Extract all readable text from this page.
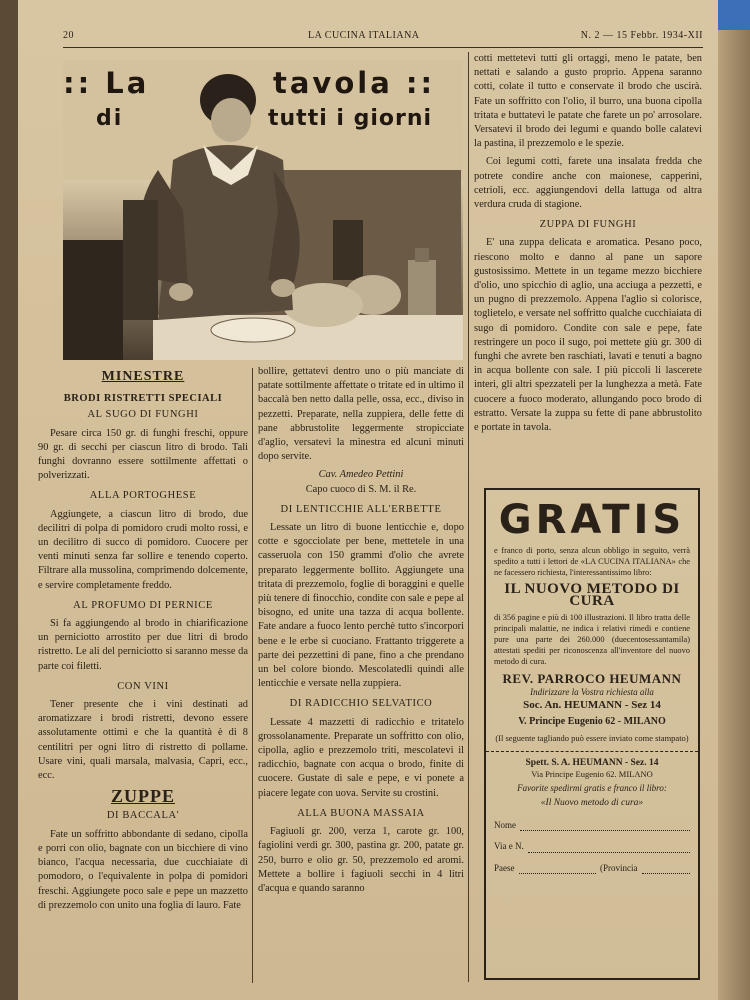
20	LA CUCINA ITALIANA	N. 2 — 15 Febbr. 1934-XII
:: La	tavola ::
di	tutti i giorni
MINESTRE
BRODI RISTRETTI SPECIALI
AL SUGO DI FUNGHI

Pesare circa 150 gr. di funghi freschi, oppure 90 gr. di secchi per ciascun litro di brodo. Tali funghi dovranno essere sottilmente affettati o polverizzati.

ALLA PORTOGHESE

Aggiungete, a ciascun litro di brodo, due decilitri di polpa di pomidoro crudi molto rossi, e un decilitro di succo di pomidoro. Cuocere per venti minuti senza far sollire e tenendo coperto. Filtrare alla mussolina, comprimendo dolcemente, e servire completamente freddo.

AL PROFUMO DI PERNICE

Si fa aggiungendo al brodo in chiarificazione un perniciotto arrostito per due litri di brodo ristretto. Le ali del perniciotto si saranno messe da parte coi filetti.

CON VINI

Tener presente che i vini destinati ad aromatizzare i brodi ristretti, devono essere assolutamente ottimi e che la quantità è di 8 centilitri per ogni litro di ristretto di pollame. Usare vini, quali marsala, malvasia, Capri, ecc., ecc.

ZUPPE
DI BACCALA'

Fate un soffritto abbondante di sedano, cipolla e porri con olio, bagnate con un bicchiere di vino bianco, l'acqua necessaria, due cucchiaiate di pomodoro, o l'equivalente in polpa di pomidori freschi. Aggiungete poco sale e pepe un mazzetto di prezzemolo con unito una foglia di lauro. Fate

bollire, gettatevi dentro uno o più manciate di patate sottilmente affettate o tritate ed in ultimo il baccalà ben netto dalla pelle, ossa, ecc., diviso in pezzetti. Preparate, nella zuppiera, delle fette di pane abbrustolite leggermente stropicciate d'aglio, versatevi la minestra ed alcuni minuti dopo servite.

Cav. Amedeo Pettini
Capo cuoco di S. M. il Re.
DI LENTICCHIE ALL'ERBETTE

Lessate un litro di buone lenticchie e, dopo cotte e sgocciolate per bene, mettetele in una casseruola con 150 grammi d'olio che avrete preparato leggermente bollito. Aggiungete una tritata di prezzemolo, foglie di boraggini e quelle più tenere di finocchio, condite con sale e pepe al bisogno, ed unite una tazza di acqua bollente. Fate andare a fuoco lento perchè tutto s'incorpori bene e le erbe si cuociano. Frattanto triggerete a parte dei pezzettini di pane, fino a che prendano un bel colore biondo. Mescolatedli quindi alle lenticchie e versate nella zuppiera.

DI RADICCHIO SELVATICO

Lessate 4 mazzetti di radicchio e tritatelo grossolanamente. Preparate un soffritto con olio, cipolla, aglio e prezzemolo triti, mescolatevi il radicchio, bagnate con acqua o brodo, finite di cuocere. Gustate di sale e pepe, e vi ponete a piacere legate con uova. Servite su crostini.

ALLA BUONA MASSAIA

Fagiuoli gr. 200, verza 1, carote gr. 100, fagiolini verdi gr. 300, pastina gr. 200, patate gr. 250, burro e olio gr. 50, prezzemolo ed aromi. Mettete a bollire i fagiuoli secchi in 4 litri d'acqua e quando saranno

cotti mettetevi tutti gli ortaggi, meno le patate, ben nettati e salando a gusto proprio. Appena saranno cotti, colate il tutto e conservate il brodo che uscirà. Fate un soffritto con l'olio, il burro, una buona cipolla tritata e buttatevi le patate che farete un po' arrosolare. Versatevi il brodo dei legumi e quando bolle calatevi la pastina, il prezzemolo e le spezie.

Coi legumi cotti, farete una insalata fredda che potrete condire anche con maionese, capperini, cetrioli, ecc. aggiungendovi della lattuga od altra verdura cruda di stagione.

ZUPPA DI FUNGHI

E' una zuppa delicata e aromatica. Pesano poco, riescono molto e danno al pane un sapore gustosissimo. Mettete in un tegame mezzo bicchiere d'olio, uno spicchio di aglio, una acciuga a pezzetti, e un pugno di prezzemolo. Appena l'aglio si colorisce, toglietelo, e versate nel soffritto qualche cucchiaiata di sugo di pomidoro. Condite con sale e pepe, fate restringere un poco il sugo, poi mettete giù gr. 300 di funghi che avrete ben raschiati, lavati e tenuti a bagno in acqua bollente con sale. I più piccoli li lascerete interi, gli altri spezzateli per la lunghezza a metà. Fate cuocere a fuoco moderato, allungando poco brodo di estratto. Versate la zuppa su fette di pane abbrustolito e portate in tavola.

GRATIS
e franco di porto, senza alcun obbligo in seguito, verrà spedito a tutti i lettori de «LA CUCINA ITALIANA» che ne facessero richiesta, l'interessantissimo libro:
IL NUOVO METODO DI CURA
di 356 pagine e più di 100 illustrazioni. Il libro tratta delle principali malattie, ne indica i relativi rimedi e contiene pure una parte dei 260.000 (duecentosessantamila) attestati spediti per riconoscenza all'inventore del nuovo metodo di cura.
REV. PARROCO HEUMANN
Indirizzare la Vostra richiesta alla
Soc. An. HEUMANN - Sez 14
V. Principe Eugenio 62 - MILANO
(Il seguente tagliando può essere inviato come stampato)
Spett. S. A. HEUMANN - Sez. 14
Via Principe Eugenio 62. MILANO
Favorite spedirmi gratis e franco il libro:
«Il Nuovo metodo di cura»
Nome
Via e N.
Paese	(Provincia
